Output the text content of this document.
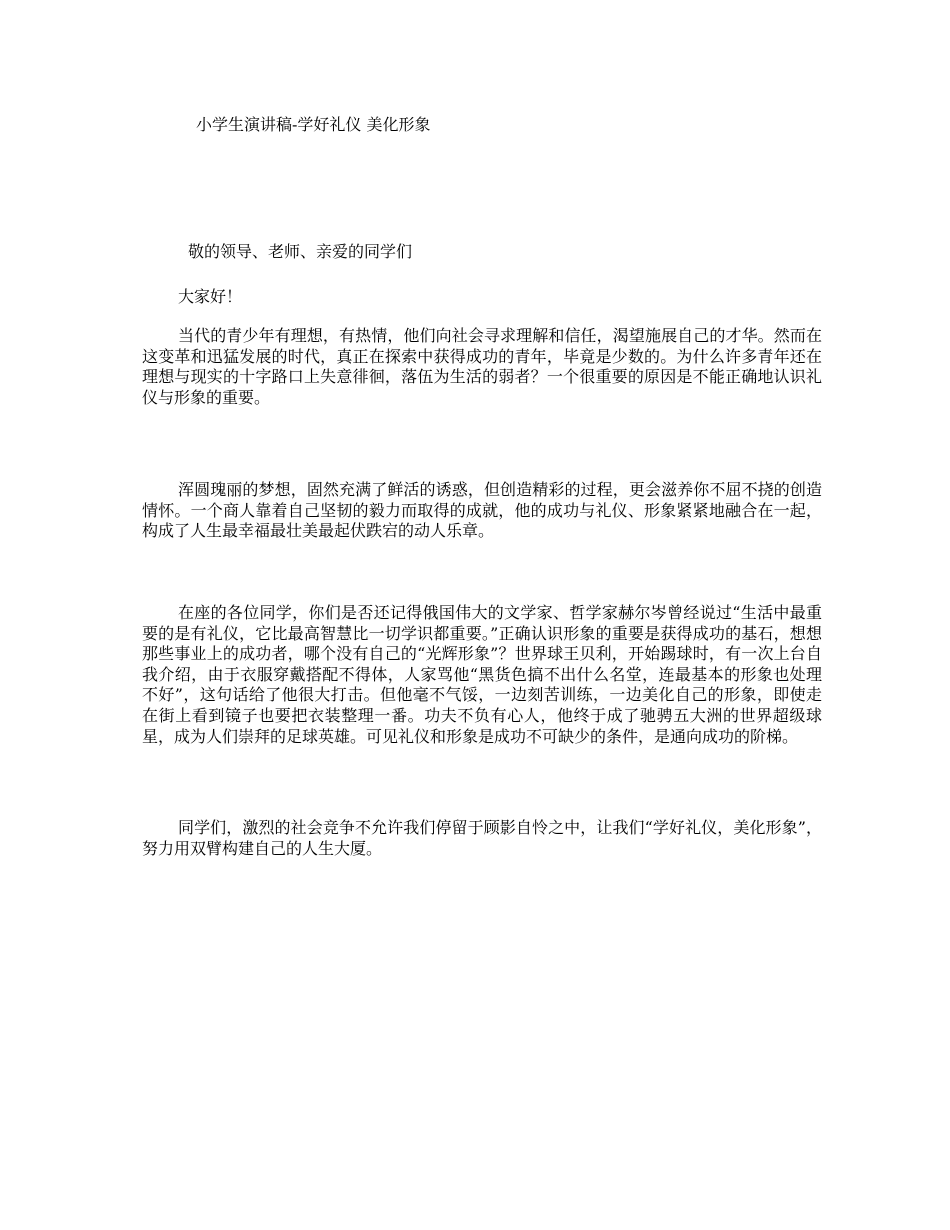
小学生演讲稿-学好礼仪 美化形象
敬的领导、老师、亲爱的同学们
大家好！

当代的青少年有理想，有热情，他们向社会寻求理解和信任，渴望施展自己的才华。然而在这变革和迅猛发展的时代，真正在探索中获得成功的青年，毕竟是少数的。为什么许多青年还在理想与现实的十字路口上失意徘徊，落伍为生活的弱者？一个很重要的原因是不能正确地认识礼仪与形象的重要。

浑圆瑰丽的梦想，固然充满了鲜活的诱惑，但创造精彩的过程，更会滋养你不屈不挠的创造情怀。一个商人靠着自己坚韧的毅力而取得的成就，他的成功与礼仪、形象紧紧地融合在一起，构成了人生最幸福最壮美最起伏跌宕的动人乐章。

在座的各位同学，你们是否还记得俄国伟大的文学家、哲学家赫尔岑曾经说过“生活中最重要的是有礼仪，它比最高智慧比一切学识都重要。”正确认识形象的重要是获得成功的基石，想想那些事业上的成功者，哪个没有自己的“光辉形象”？世界球王贝利，开始踢球时，有一次上台自我介绍，由于衣服穿戴搭配不得体，人家骂他“黑货色搞不出什么名堂，连最基本的形象也处理不好”，这句话给了他很大打击。但他毫不气馁，一边刻苦训练，一边美化自己的形象，即使走在街上看到镜子也要把衣装整理一番。功夫不负有心人，他终于成了驰骋五大洲的世界超级球星，成为人们崇拜的足球英雄。可见礼仪和形象是成功不可缺少的条件，是通向成功的阶梯。

同学们，激烈的社会竞争不允许我们停留于顾影自怜之中，让我们“学好礼仪，美化形象”，努力用双臂构建自己的人生大厦。
